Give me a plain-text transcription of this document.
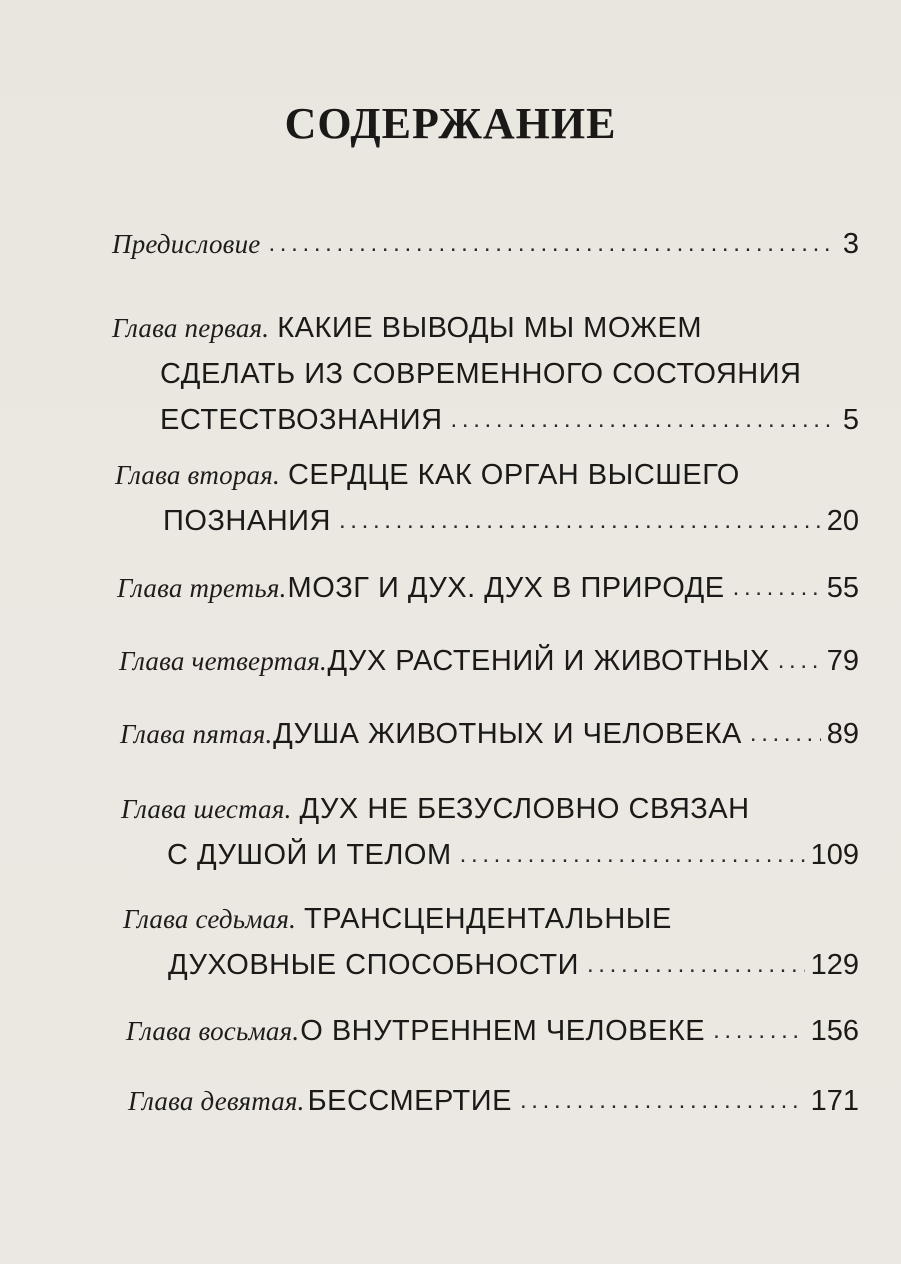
СОДЕРЖАНИЕ
Предисловие . . .	3
Глава первая. КАКИЕ ВЫВОДЫ МЫ МОЖЕМ
СДЕЛАТЬ ИЗ СОВРЕМЕННОГО СОСТОЯНИЯ
ЕСТЕСТВОЗНАНИЯ . . .	5
Глава вторая. СЕРДЦЕ КАК ОРГАН ВЫСШЕГО
ПОЗНАНИЯ . . .	20
Глава третья. МОЗГ И ДУХ. ДУХ В ПРИРОДЕ . . .	55
Глава четвертая. ДУХ РАСТЕНИЙ И ЖИВОТНЫХ . . . 79
Глава пятая. ДУША ЖИВОТНЫХ И ЧЕЛОВЕКА . . .	89
Глава шестая. ДУХ НЕ БЕЗУСЛОВНО СВЯЗАН
С ДУШОЙ И ТЕЛОМ . . .	109
Глава седьмая. ТРАНСЦЕНДЕНТАЛЬНЫЕ
ДУХОВНЫЕ СПОСОБНОСТИ . . .	129
Глава восьмая. О ВНУТРЕННЕМ ЧЕЛОВЕКЕ . . .	156
Глава девятая. БЕССМЕРТИЕ . . .	171
